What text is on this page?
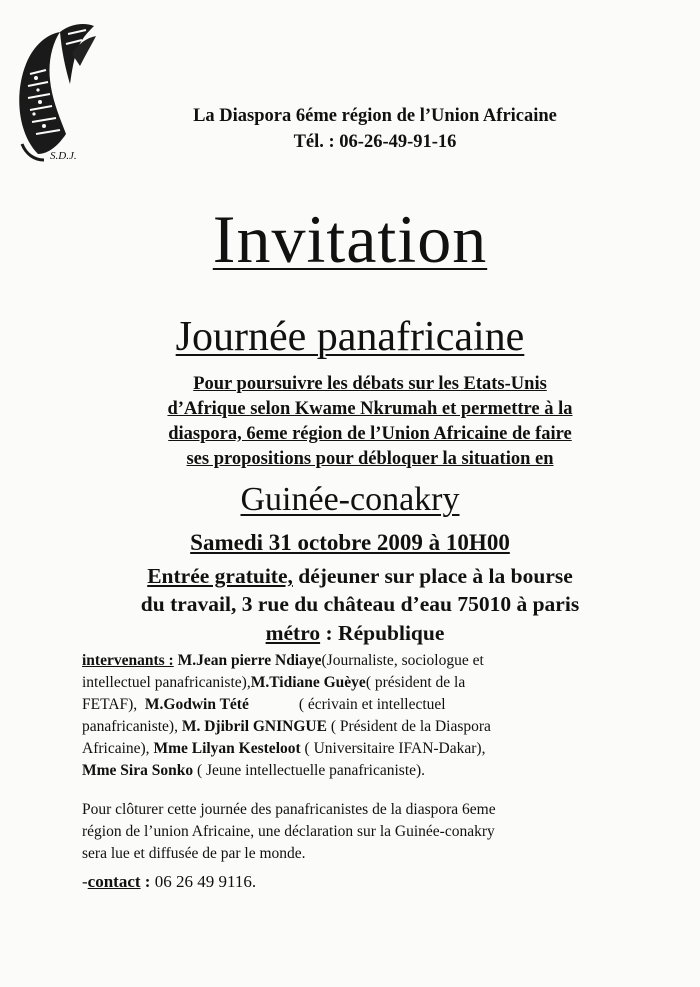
S.D.J.
La Diaspora 6éme région de l’Union Africaine
Tél. : 06-26-49-91-16
Invitation
Journée panafricaine
Pour poursuivre les débats sur les Etats-Unis
d’Afrique selon Kwame Nkrumah et permettre à la
diaspora, 6eme région de l’Union Africaine de faire
ses propositions pour débloquer la situation en
Guinée-conakry
Samedi 31 octobre 2009 à 10H00
Entrée gratuite, déjeuner sur place à la bourse
du travail, 3 rue du château d’eau 75010 à paris
métro : République
intervenants : M.Jean pierre Ndiaye(Journaliste, sociologue et
intellectuel panafricaniste),M.Tidiane Guèye( président de la
FETAF), M.Godwin Tété	( écrivain et intellectuel
panafricaniste), M. Djibril GNINGUE ( Président de la Diaspora
Africaine), Mme Lilyan Kesteloot ( Universitaire IFAN-Dakar),
Mme Sira Sonko ( Jeune intellectuelle panafricaniste).
Pour clôturer cette journée des panafricanistes de la diaspora 6eme
région de l’union Africaine, une déclaration sur la Guinée-conakry
sera lue et diffusée de par le monde.
-contact : 06 26 49 9116.
